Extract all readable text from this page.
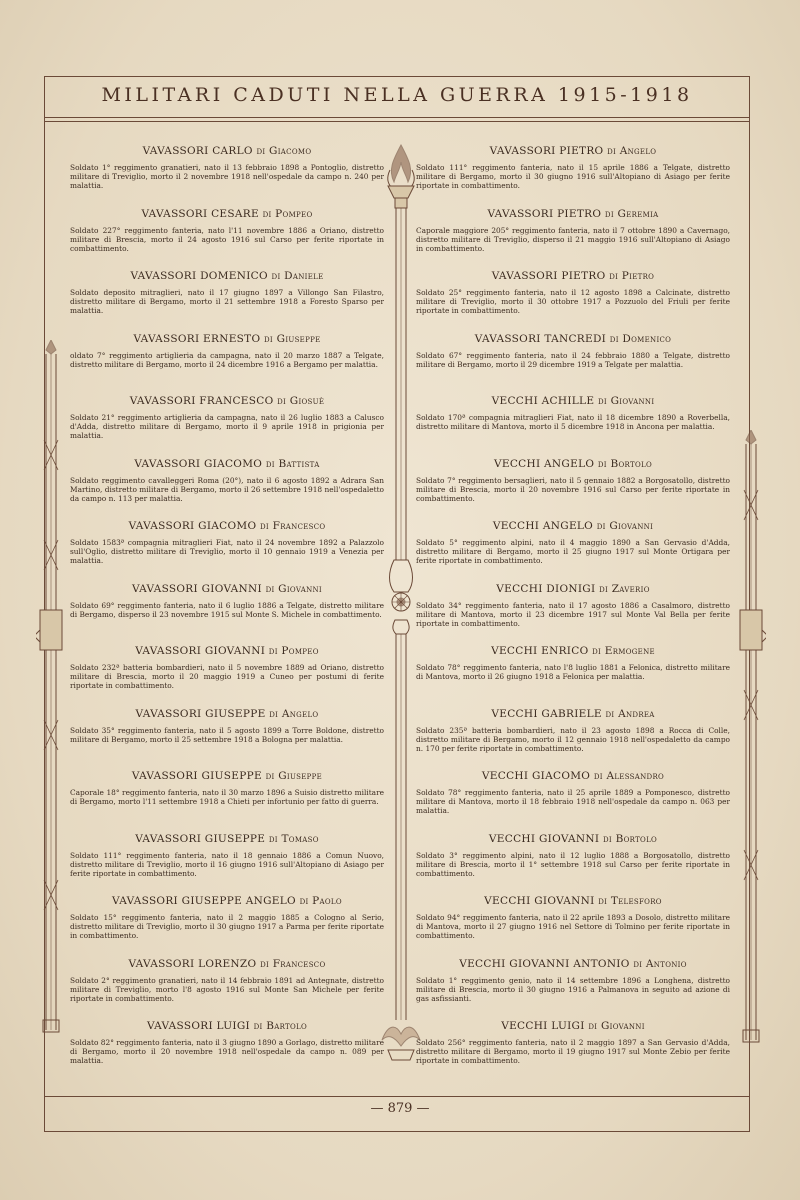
MILITARI CADUTI NELLA GUERRA 1915-1918
VAVASSORI CARLO di Giacomo
Soldato 1° reggimento granatieri, nato il 13 febbraio 1898 a Pontoglio, distretto militare di Treviglio, morto il 2 novembre 1918 nell'ospedale da campo n. 240 per malattia.
VAVASSORI CESARE di Pompeo
Soldato 227° reggimento fanteria, nato l'11 novembre 1886 a Oriano, distretto militare di Brescia, morto il 24 agosto 1916 sul Carso per ferite riportate in combattimento.
VAVASSORI DOMENICO di Daniele
Soldato deposito mitraglieri, nato il 17 giugno 1897 a Villongo San Filastro, distretto militare di Bergamo, morto il 21 settembre 1918 a Foresto Sparso per malattia.
VAVASSORI ERNESTO di Giuseppe
oldato 7° reggimento artiglieria da campagna, nato il 20 marzo 1887 a Telgate, distretto militare di Bergamo, morto il 24 dicembre 1916 a Bergamo per malattia.
VAVASSORI FRANCESCO di Giosuè
Soldato 21° reggimento artiglieria da campagna, nato il 26 luglio 1883 a Calusco d'Adda, distretto militare di Bergamo, morto il 9 aprile 1918 in prigionia per malattia.
VAVASSORI GIACOMO di Battista
Soldato reggimento cavalleggeri Roma (20°), nato il 6 agosto 1892 a Adrara San Martino, distretto militare di Bergamo, morto il 26 settembre 1918 nell'ospedaletto da campo n. 113 per malattia.
VAVASSORI GIACOMO di Francesco
Soldato 1583ª compagnia mitraglieri Fiat, nato il 24 novembre 1892 a Palazzolo sull'Oglio, distretto militare di Treviglio, morto il 10 gennaio 1919 a Venezia per malattia.
VAVASSORI GIOVANNI di Giovanni
Soldato 69° reggimento fanteria, nato il 6 luglio 1886 a Telgate, distretto militare di Bergamo, disperso il 23 novembre 1915 sul Monte S. Michele in combattimento.
VAVASSORI GIOVANNI di Pompeo
Soldato 232ª batteria bombardieri, nato il 5 novembre 1889 ad Oriano, distretto militare di Brescia, morto il 20 maggio 1919 a Cuneo per postumi di ferite riportate in combattimento.
VAVASSORI GIUSEPPE di Angelo
Soldato 35° reggimento fanteria, nato il 5 agosto 1899 a Torre Boldone, distretto militare di Bergamo, morto il 25 settembre 1918 a Bologna per malattia.
VAVASSORI GIUSEPPE di Giuseppe
Caporale 18° reggimento fanteria, nato il 30 marzo 1896 a Suisio distretto militare di Bergamo, morto l'11 settembre 1918 a Chieti per infortunio per fatto di guerra.
VAVASSORI GIUSEPPE di Tomaso
Soldato 111° reggimento fanteria, nato il 18 gennaio 1886 a Comun Nuovo, distretto militare di Treviglio, morto il 16 giugno 1916 sull'Altopiano di Asiago per ferite riportate in combattimento.
VAVASSORI GIUSEPPE ANGELO di Paolo
Soldato 15° reggimento fanteria, nato il 2 maggio 1885 a Cologno al Serio, distretto militare di Treviglio, morto il 30 giugno 1917 a Parma per ferite riportate in combattimento.
VAVASSORI LORENZO di Francesco
Soldato 2° reggimento granatieri, nato il 14 febbraio 1891 ad Antegnate, distretto militare di Treviglio, morto l'8 agosto 1916 sul Monte San Michele per ferite riportate in combattimento.
VAVASSORI LUIGI di Bartolo
Soldato 82° reggimento fanteria, nato il 3 giugno 1890 a Gorlago, distretto militare di Bergamo, morto il 20 novembre 1918 nell'ospedale da campo n. 089 per malattia.
VAVASSORI PIETRO di Angelo
Soldato 111° reggimento fanteria, nato il 15 aprile 1886 a Telgate, distretto militare di Bergamo, morto il 30 giugno 1916 sull'Altopiano di Asiago per ferite riportate in combattimento.
VAVASSORI PIETRO di Geremia
Caporale maggiore 205° reggimento fanteria, nato il 7 ottobre 1890 a Cavernago, distretto militare di Treviglio, disperso il 21 maggio 1916 sull'Altopiano di Asiago in combattimento.
VAVASSORI PIETRO di Pietro
Soldato 25° reggimento fanteria, nato il 12 agosto 1898 a Calcinate, distretto militare di Treviglio, morto il 30 ottobre 1917 a Pozzuolo del Friuli per ferite riportate in combattimento.
VAVASSORI TANCREDI di Domenico
Soldato 67° reggimento fanteria, nato il 24 febbraio 1880 a Telgate, distretto militare di Bergamo, morto il 29 dicembre 1919 a Telgate per malattia.
VECCHI ACHILLE di Giovanni
Soldato 170ª compagnia mitraglieri Fiat, nato il 18 dicembre 1890 a Roverbella, distretto militare di Mantova, morto il 5 dicembre 1918 in Ancona per malattia.
VECCHI ANGELO di Bortolo
Soldato 7° reggimento bersaglieri, nato il 5 gennaio 1882 a Borgosatollo, distretto militare di Brescia, morto il 20 novembre 1916 sul Carso per ferite riportate in combattimento.
VECCHI ANGELO di Giovanni
Soldato 5° reggimento alpini, nato il 4 maggio 1890 a San Gervasio d'Adda, distretto militare di Bergamo, morto il 25 giugno 1917 sul Monte Ortigara per ferite riportate in combattimento.
VECCHI DIONIGI di Zaverio
Soldato 34° reggimento fanteria, nato il 17 agosto 1886 a Casalmoro, distretto militare di Mantova, morto il 23 dicembre 1917 sul Monte Val Bella per ferite riportate in combattimento.
VECCHI ENRICO di Ermogene
Soldato 78° reggimento fanteria, nato l'8 luglio 1881 a Felonica, distretto militare di Mantova, morto il 26 giugno 1918 a Felonica per malattia.
VECCHI GABRIELE di Andrea
Soldato 235ª batteria bombardieri, nato il 23 agosto 1898 a Rocca di Colle, distretto militare di Bergamo, morto il 12 gennaio 1918 nell'ospedaletto da campo n. 170 per ferite riportate in combattimento.
VECCHI GIACOMO di Alessandro
Soldato 78° reggimento fanteria, nato il 25 aprile 1889 a Pomponesco, distretto militare di Mantova, morto il 18 febbraio 1918 nell'ospedale da campo n. 063 per malattia.
VECCHI GIOVANNI di Bortolo
Soldato 3° reggimento alpini, nato il 12 luglio 1888 a Borgosatollo, distretto militare di Brescia, morto il 1° settembre 1918 sul Carso per ferite riportate in combattimento.
VECCHI GIOVANNI di Telesforo
Soldato 94° reggimento fanteria, nato il 22 aprile 1893 a Dosolo, distretto militare di Mantova, morto il 27 giugno 1916 nel Settore di Tolmino per ferite riportate in combattimento.
VECCHI GIOVANNI ANTONIO di Antonio
Soldato 1° reggimento genio, nato il 14 settembre 1896 a Longhena, distretto militare di Brescia, morto il 30 giugno 1916 a Palmanova in seguito ad azione di gas asfissianti.
VECCHI LUIGI di Giovanni
Soldato 256° reggimento fanteria, nato il 2 maggio 1897 a San Gervasio d'Adda, distretto militare di Bergamo, morto il 19 giugno 1917 sul Monte Zebio per ferite riportate in combattimento.
— 879 —
